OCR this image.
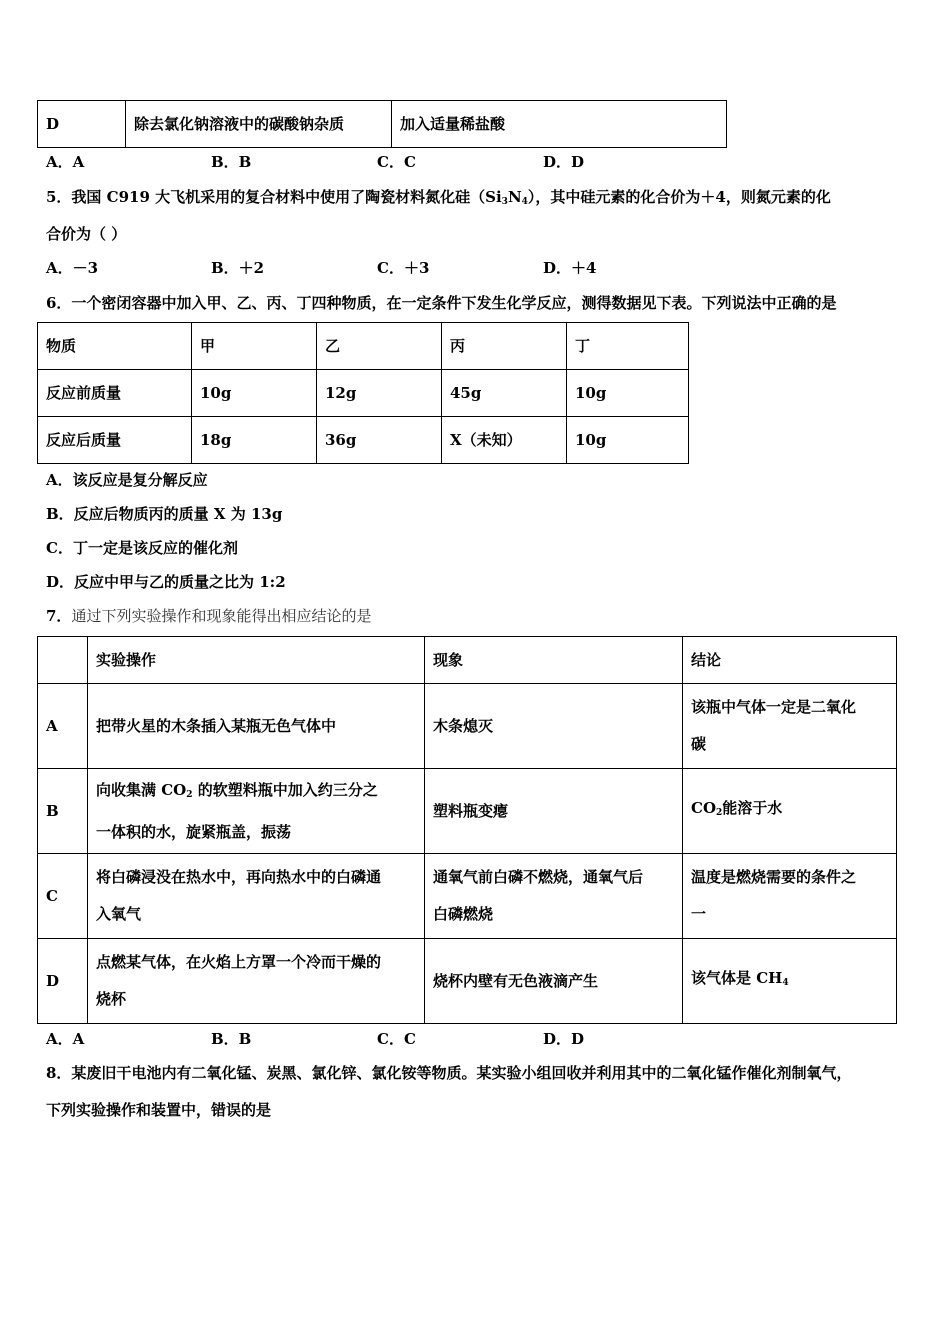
D	除去氯化钠溶液中的碳酸钠杂质	加入适量稀盐酸
A．A	B．B	C．C	D．D
5．我国 C919 大飞机采用的复合材料中使用了陶瓷材料氮化硅$(Si_3N_4)$，其中硅元素的化合价为＋4，则氮元素的化
合价为（ ）
A．－3	B．＋2	C．＋3	D．＋4
6．一个密闭容器中加入甲、乙、丙、丁四种物质，在一定条件下发生化学反应，测得数据见下表。下列说法中正确的是
物质	甲	乙	丙	丁
反应前质量	10g	12g	45g	10g
反应后质量	18g	36g	X（未知）	10g
A．该反应是复分解反应
B．反应后物质丙的质量 X 为 13g
C．丁一定是该反应的催化剂
D．反应中甲与乙的质量之比为 1:2
7．通过下列实验操作和现象能得出相应结论的是
	实验操作	现象	结论
A	把带火星的木条插入某瓶无色气体中	木条熄灭	该瓶中气体一定是二氧化
碳
B	向收集满 $CO_2$ 的软塑料瓶中加入约三分之
一体积的水，旋紧瓶盖，振荡	塑料瓶变瘪	$CO_2$能溶于水
C	将白磷浸没在热水中，再向热水中的白磷通
入氧气	通氧气前白磷不燃烧，通氧气后
白磷燃烧	温度是燃烧需要的条件之
一
D	点燃某气体，在火焰上方罩一个冷而干燥的
烧杯	烧杯内壁有无色液滴产生	该气体是 $CH_4$
A．A	B．B	C．C	D．D
8．某废旧干电池内有二氧化锰、炭黑、氯化锌、氯化铵等物质。某实验小组回收并利用其中的二氧化锰作催化剂制氧气，
下列实验操作和装置中，错误的是
